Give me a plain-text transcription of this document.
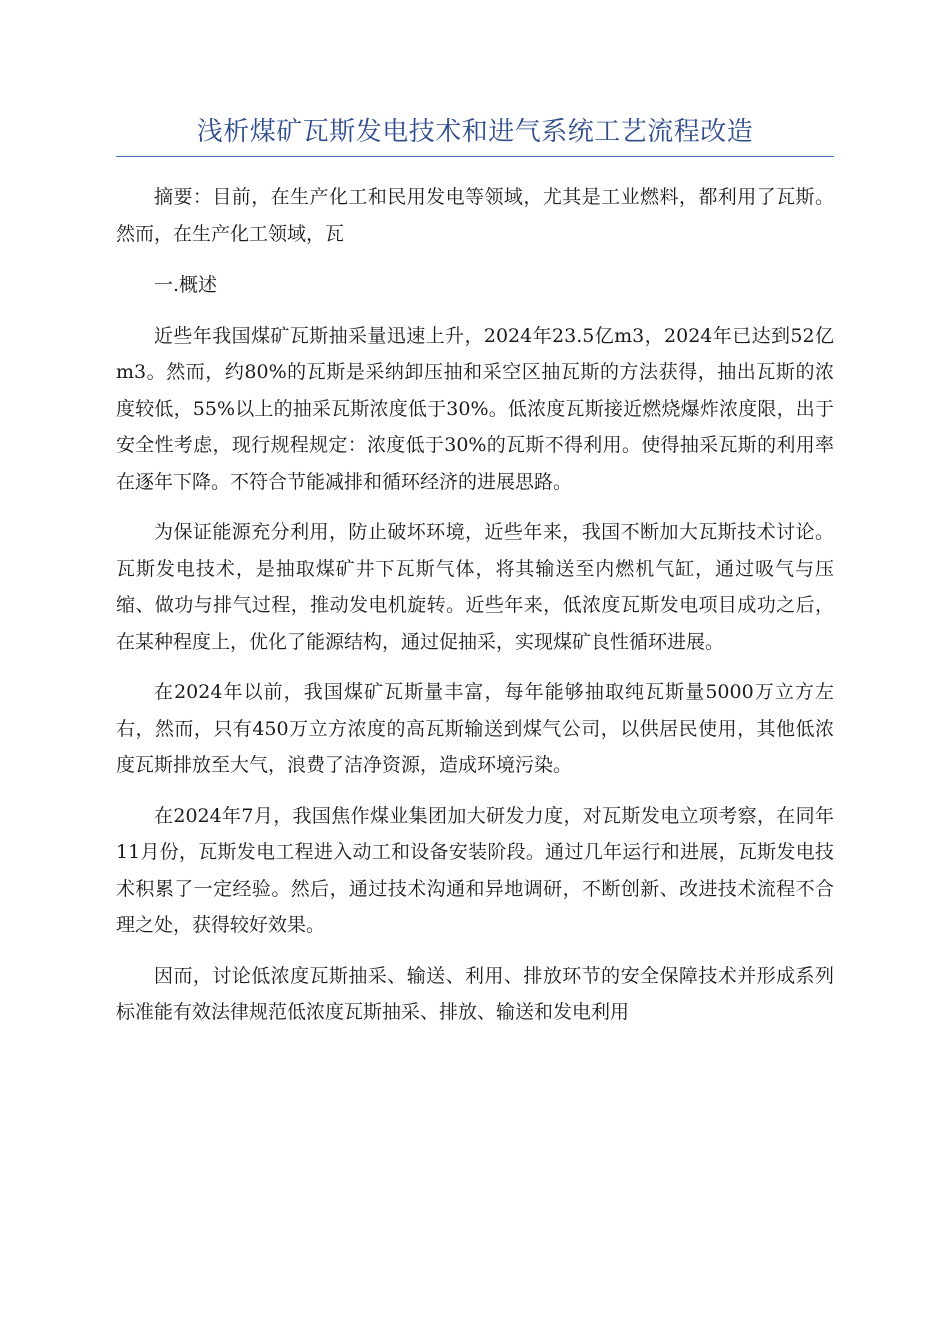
浅析煤矿瓦斯发电技术和进气系统工艺流程改造

摘要：目前，在生产化工和民用发电等领域，尤其是工业燃料，都利用了瓦斯。然而，在生产化工领域，瓦

一.概述

近些年我国煤矿瓦斯抽采量迅速上升，2024年23.5亿m3，2024年已达到52亿m3。然而，约80%的瓦斯是采纳卸压抽和采空区抽瓦斯的方法获得，抽出瓦斯的浓度较低，55%以上的抽采瓦斯浓度低于30%。低浓度瓦斯接近燃烧爆炸浓度限，出于安全性考虑，现行规程规定：浓度低于30%的瓦斯不得利用。使得抽采瓦斯的利用率在逐年下降。不符合节能减排和循环经济的进展思路。

为保证能源充分利用，防止破坏环境，近些年来，我国不断加大瓦斯技术讨论。瓦斯发电技术，是抽取煤矿井下瓦斯气体，将其输送至内燃机气缸，通过吸气与压缩、做功与排气过程，推动发电机旋转。近些年来，低浓度瓦斯发电项目成功之后，在某种程度上，优化了能源结构，通过促抽采，实现煤矿良性循环进展。

在2024年以前，我国煤矿瓦斯量丰富，每年能够抽取纯瓦斯量5000万立方左右，然而，只有450万立方浓度的高瓦斯输送到煤气公司，以供居民使用，其他低浓度瓦斯排放至大气，浪费了洁净资源，造成环境污染。

在2024年7月，我国焦作煤业集团加大研发力度，对瓦斯发电立项考察，在同年11月份，瓦斯发电工程进入动工和设备安装阶段。通过几年运行和进展，瓦斯发电技术积累了一定经验。然后，通过技术沟通和异地调研，不断创新、改进技术流程不合理之处，获得较好效果。

因而，讨论低浓度瓦斯抽采、输送、利用、排放环节的安全保障技术并形成系列标准能有效法律规范低浓度瓦斯抽采、排放、输送和发电利用
